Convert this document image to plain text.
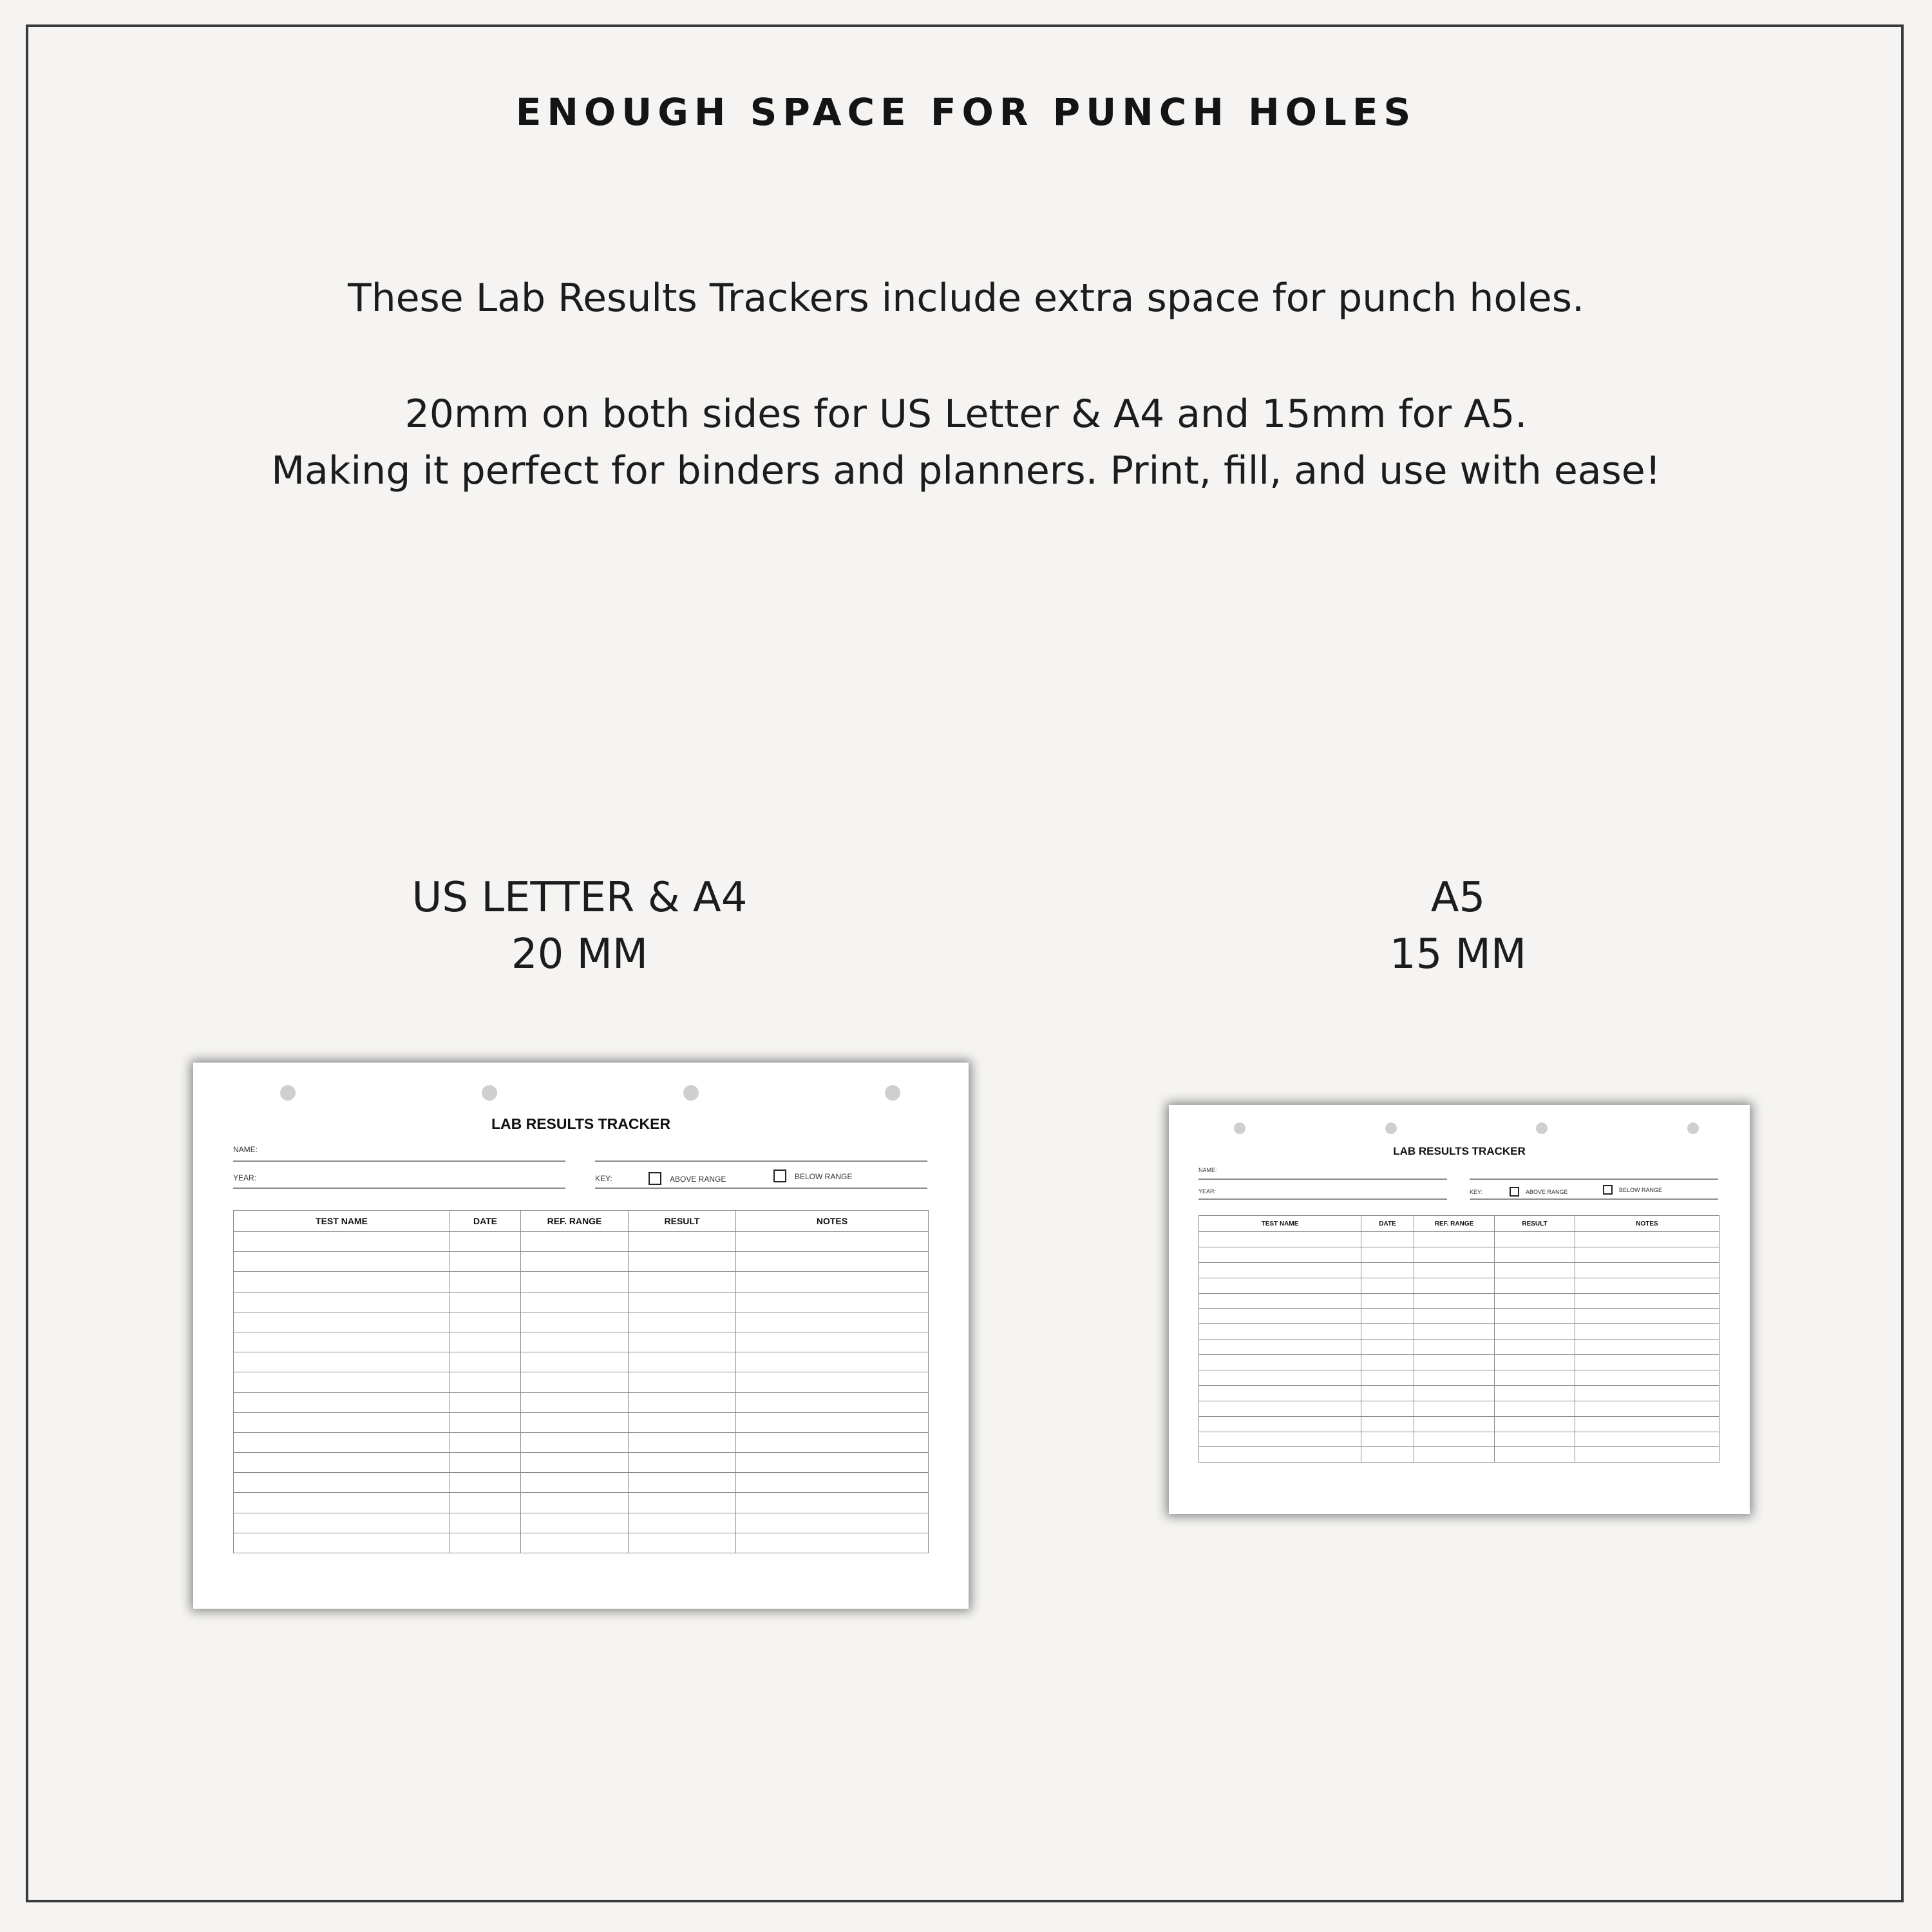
ENOUGH SPACE FOR PUNCH HOLES
These Lab Results Trackers include extra space for punch holes.
20mm on both sides for US Letter & A4 and 15mm for A5.
Making it perfect for binders and planners. Print, fill, and use with ease!
US LETTER & A4
20 MM
A5
15 MM
LAB RESULTS TRACKER
NAME:
YEAR:	KEY:	ABOVE RANGE	BELOW RANGE
TEST NAME	DATE	REF. RANGE	RESULT	NOTES

LAB RESULTS TRACKER
NAME:
YEAR:	KEY:	ABOVE RANGE	BELOW RANGE
TEST NAME	DATE	REF. RANGE	RESULT	NOTES
